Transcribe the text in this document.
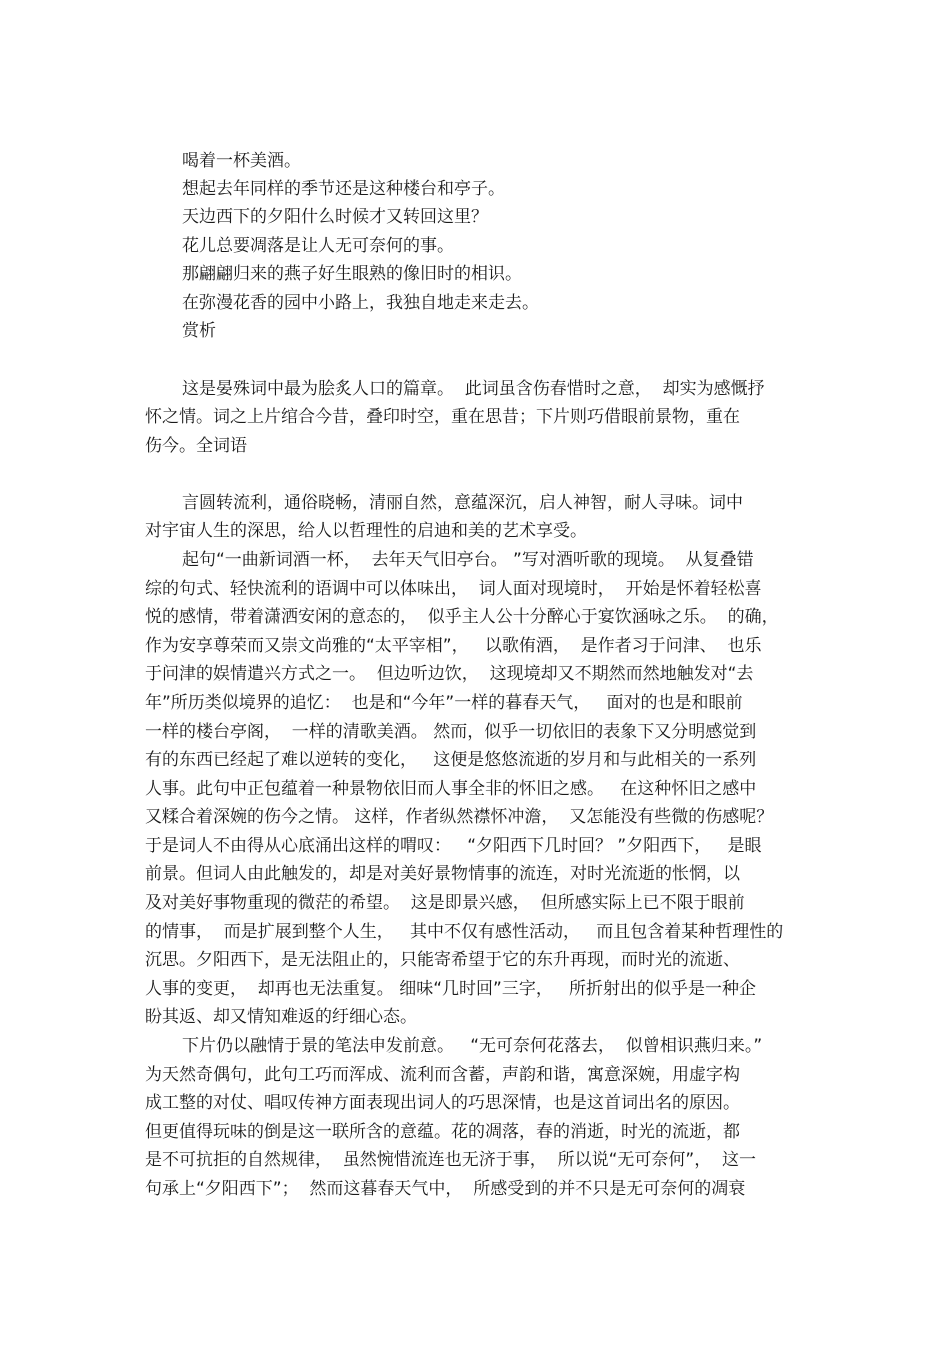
喝着一杯美酒。
想起去年同样的季节还是这种楼台和亭子。
天边西下的夕阳什么时候才又转回这里？
花儿总要凋落是让人无可奈何的事。
那翩翩归来的燕子好生眼熟的像旧时的相识。
在弥漫花香的园中小路上，我独自地走来走去。
赏析
这是晏殊词中最为脍炙人口的篇章。  此词虽含伤春惜时之意，  却实为感慨抒
怀之情。词之上片绾合今昔，叠印时空，重在思昔；下片则巧借眼前景物，重在
伤今。全词语
言圆转流利，通俗晓畅，清丽自然，意蕴深沉，启人神智，耐人寻味。词中
对宇宙人生的深思，给人以哲理性的启迪和美的艺术享受。
起句“一曲新词酒一杯，  去年天气旧亭台。 ”写对酒听歌的现境。  从复叠错
综的句式、轻快流利的语调中可以体味出，  词人面对现境时，  开始是怀着轻松喜
悦的感情，带着潇洒安闲的意态的，  似乎主人公十分醉心于宴饮涵咏之乐。  的确，
作为安享尊荣而又崇文尚雅的“太平宰相”，   以歌侑酒，  是作者习于问津、  也乐
于问津的娱情遣兴方式之一。  但边听边饮，  这现境却又不期然而然地触发对“去
年”所历类似境界的追忆：  也是和“今年”一样的暮春天气，   面对的也是和眼前
一样的楼台亭阁，  一样的清歌美酒。 然而，似乎一切依旧的表象下又分明感觉到
有的东西已经起了难以逆转的变化，   这便是悠悠流逝的岁月和与此相关的一系列
人事。此句中正包蕴着一种景物依旧而人事全非的怀旧之感。   在这种怀旧之感中
又糅合着深婉的伤今之情。 这样，作者纵然襟怀冲澹，  又怎能没有些微的伤感呢？
于是词人不由得从心底涌出这样的喟叹：   “夕阳西下几时回？ ”夕阳西下，   是眼
前景。但词人由此触发的，却是对美好景物情事的流连，对时光流逝的怅惘，以
及对美好事物重现的微茫的希望。  这是即景兴感，  但所感实际上已不限于眼前
的情事，  而是扩展到整个人生，   其中不仅有感性活动，   而且包含着某种哲理性的
沉思。夕阳西下，是无法阻止的，只能寄希望于它的东升再现，而时光的流逝、
人事的变更，  却再也无法重复。 细味“几时回”三字，   所折射出的似乎是一种企
盼其返、却又情知难返的纡细心态。
下片仍以融情于景的笔法申发前意。   “无可奈何花落去，  似曾相识燕归来。”
为天然奇偶句，此句工巧而浑成、流利而含蓄，声韵和谐，寓意深婉，用虚字构
成工整的对仗、唱叹传神方面表现出词人的巧思深情，也是这首词出名的原因。
但更值得玩味的倒是这一联所含的意蕴。花的凋落，春的消逝，时光的流逝，都
是不可抗拒的自然规律，  虽然惋惜流连也无济于事，  所以说“无可奈何”，  这一
句承上“夕阳西下”；  然而这暮春天气中，  所感受到的并不只是无可奈何的凋衰
